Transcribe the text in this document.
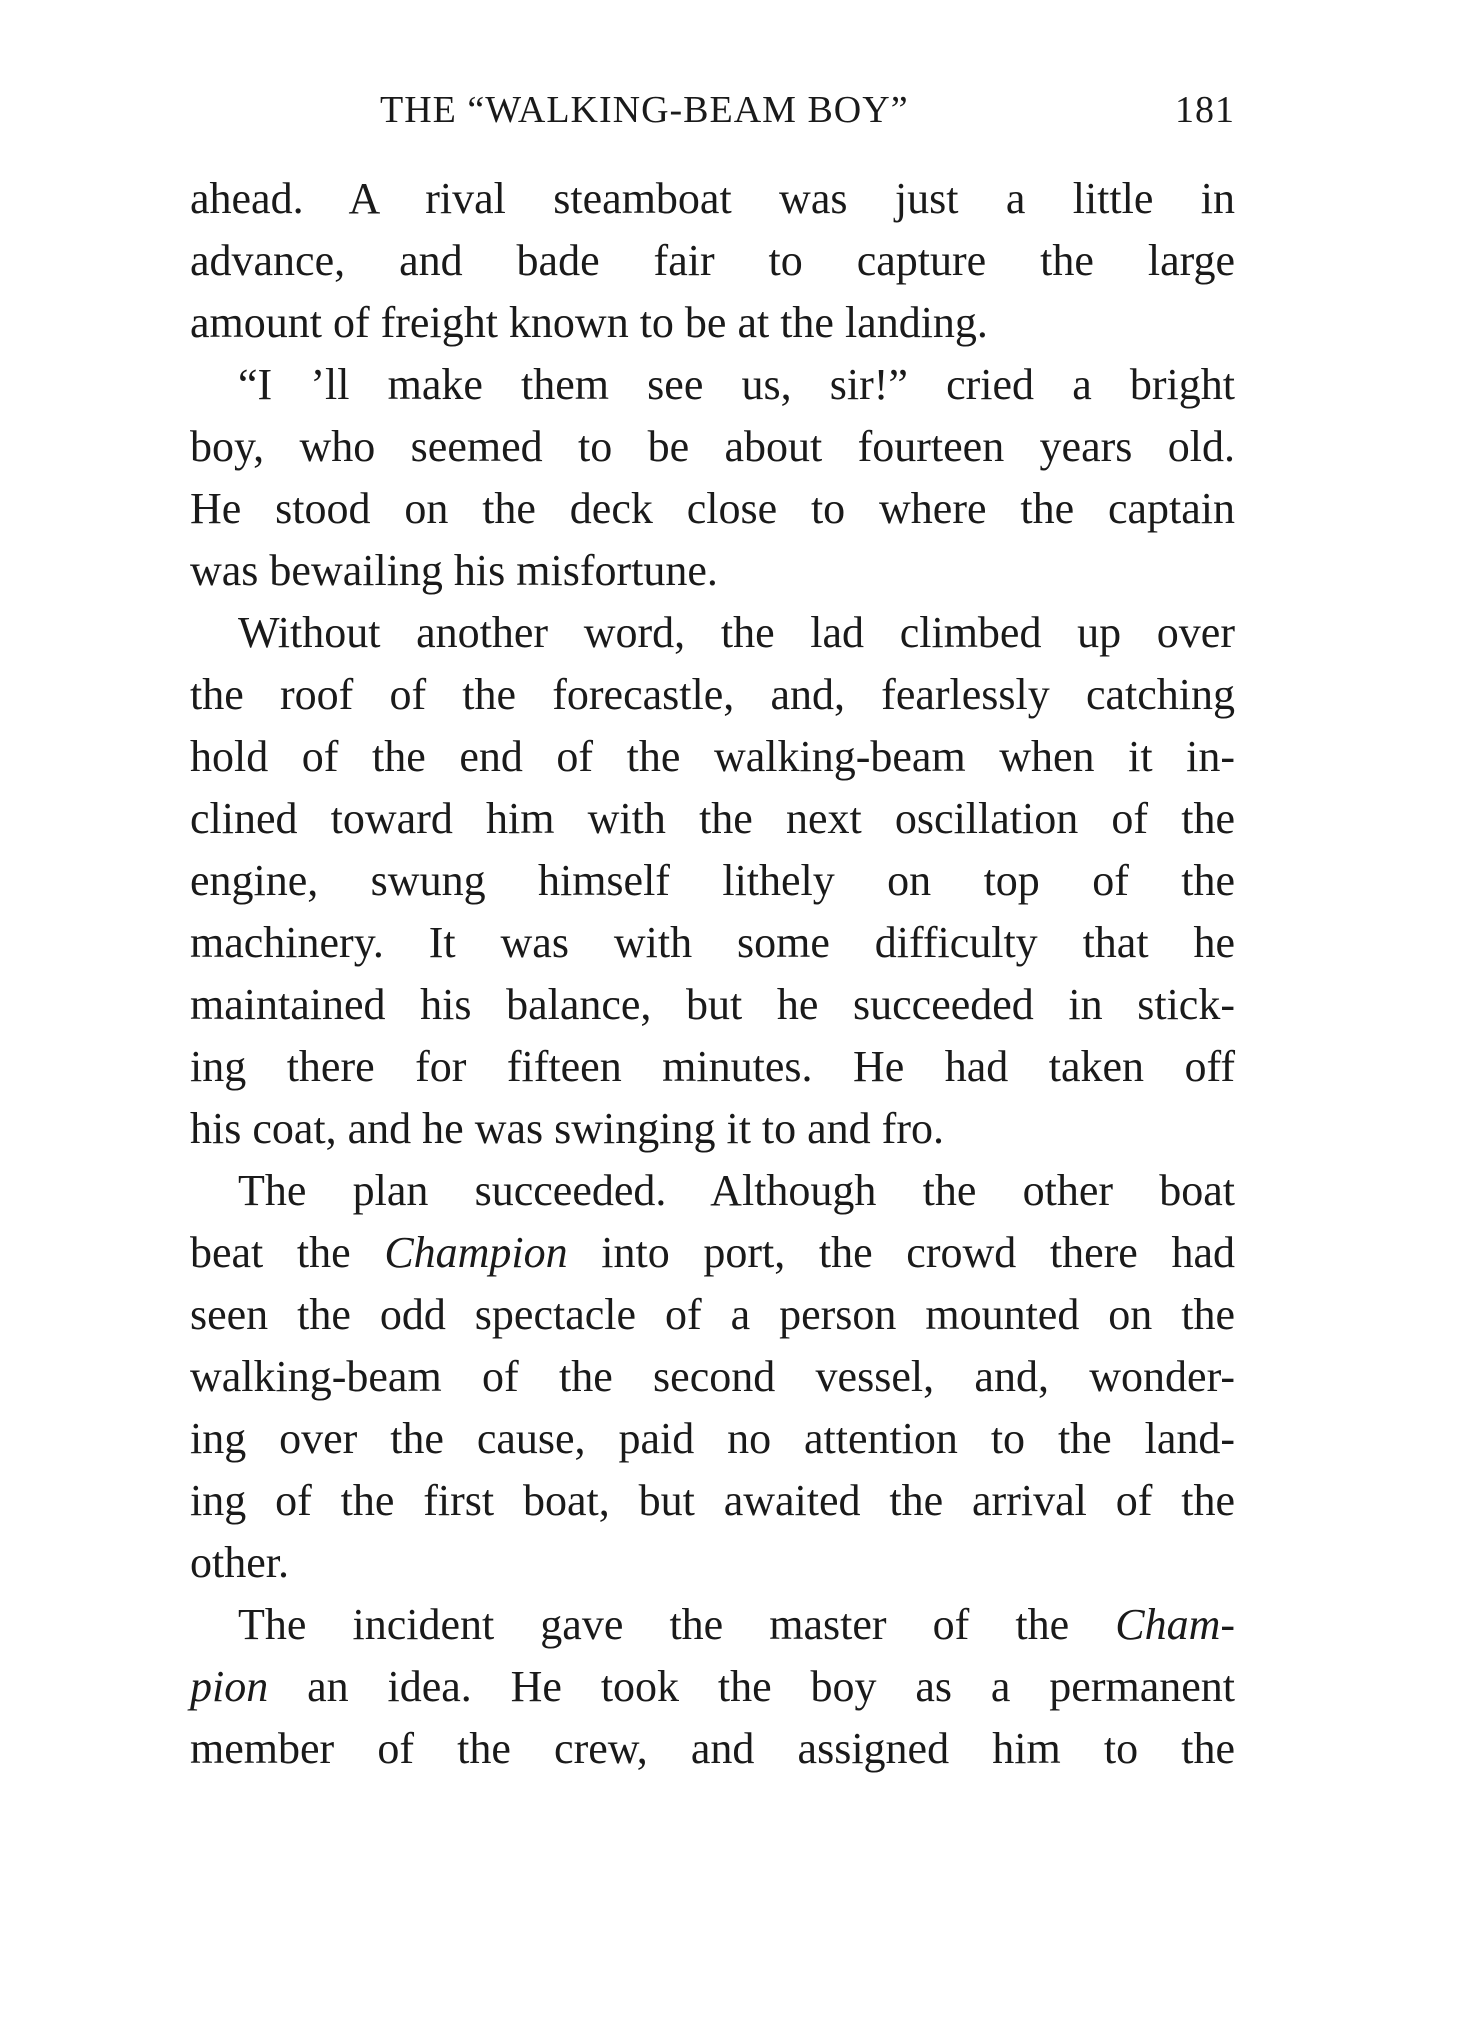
THE “WALKING-BEAM BOY”	181
ahead. A rival steamboat was just a little in
advance, and bade fair to capture the large
amount of freight known to be at the landing.
“I ’ll make them see us, sir!” cried a bright
boy, who seemed to be about fourteen years old.
He stood on the deck close to where the captain
was bewailing his misfortune.
Without another word, the lad climbed up over
the roof of the forecastle, and, fearlessly catching
hold of the end of the walking-beam when it in-
clined toward him with the next oscillation of the
engine, swung himself lithely on top of the
machinery. It was with some difficulty that he
maintained his balance, but he succeeded in stick-
ing there for fifteen minutes. He had taken off
his coat, and he was swinging it to and fro.
The plan succeeded. Although the other boat
beat the Champion into port, the crowd there had
seen the odd spectacle of a person mounted on the
walking-beam of the second vessel, and, wonder-
ing over the cause, paid no attention to the land-
ing of the first boat, but awaited the arrival of the
other.
The incident gave the master of the Cham-
pion an idea. He took the boy as a permanent
member of the crew, and assigned him to the
